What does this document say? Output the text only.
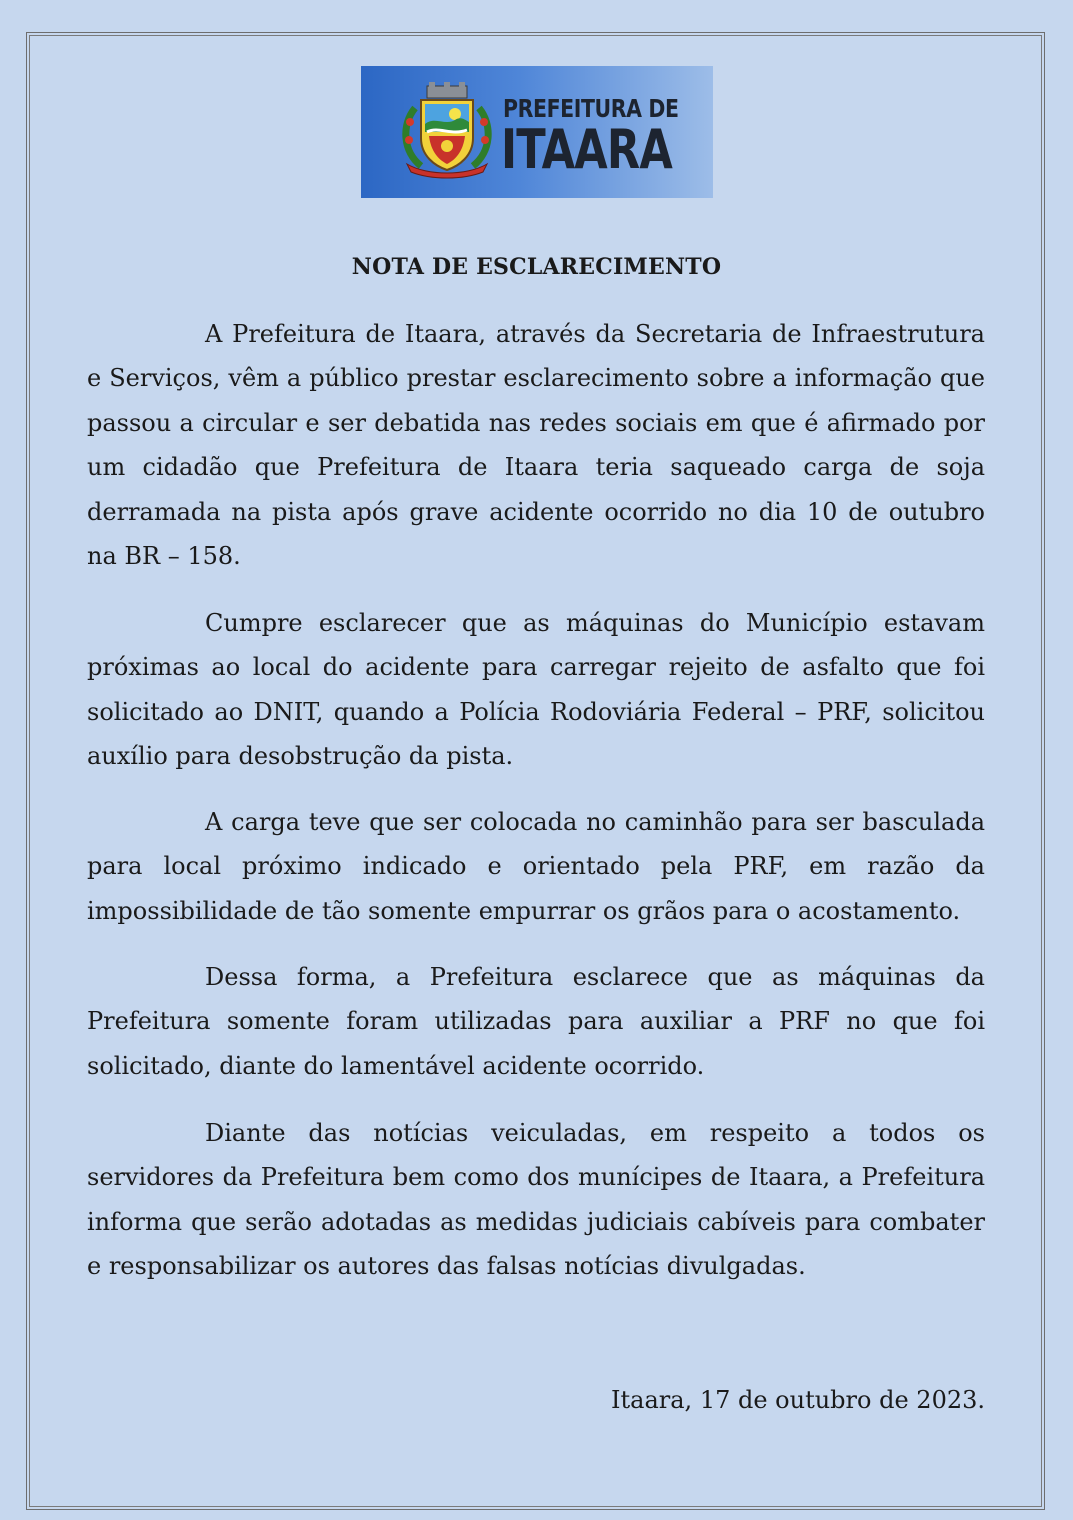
PREFEITURA DE
ITAARA
NOTA DE ESCLARECIMENTO

A Prefeitura de Itaara, através da Secretaria de Infraestrutura e Serviços, vêm a público prestar esclarecimento sobre a informação que passou a circular e ser debatida nas redes sociais em que é afirmado por um cidadão que Prefeitura de Itaara teria saqueado carga de soja derramada na pista após grave acidente ocorrido no dia 10 de outubro na BR – 158.

Cumpre esclarecer que as máquinas do Município estavam próximas ao local do acidente para carregar rejeito de asfalto que foi solicitado ao DNIT, quando a Polícia Rodoviária Federal – PRF, solicitou auxílio para desobstrução da pista.

A carga teve que ser colocada no caminhão para ser basculada para local próximo indicado e orientado pela PRF, em razão da impossibilidade de tão somente empurrar os grãos para o acostamento.

Dessa forma, a Prefeitura esclarece que as máquinas da Prefeitura somente foram utilizadas para auxiliar a PRF no que foi solicitado, diante do lamentável acidente ocorrido.

Diante das notícias veiculadas, em respeito a todos os servidores da Prefeitura bem como dos munícipes de Itaara, a Prefeitura informa que serão adotadas as medidas judiciais cabíveis para combater e responsabilizar os autores das falsas notícias divulgadas.

Itaara, 17 de outubro de 2023.
